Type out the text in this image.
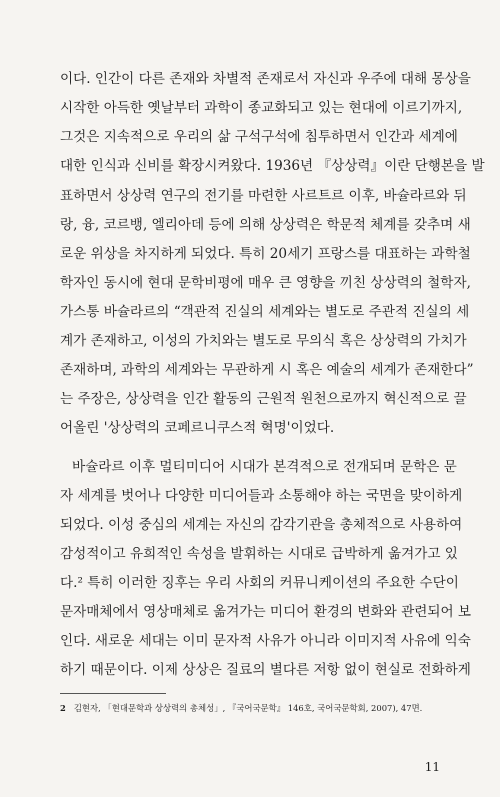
이다. 인간이 다른 존재와 차별적 존재로서 자신과 우주에 대해 몽상을
시작한 아득한 옛날부터 과학이 종교화되고 있는 현대에 이르기까지,
그것은 지속적으로 우리의 삶 구석구석에 침투하면서 인간과 세계에
대한 인식과 신비를 확장시켜왔다. 1936년 『상상력』이란 단행본을 발
표하면서 상상력 연구의 전기를 마련한 사르트르 이후, 바슐라르와 뒤
랑, 융, 코르뱅, 엘리아데 등에 의해 상상력은 학문적 체계를 갖추며 새
로운 위상을 차지하게 되었다. 특히 20세기 프랑스를 대표하는 과학철
학자인 동시에 현대 문학비평에 매우 큰 영향을 끼친 상상력의 철학자,
가스통 바슐라르의 “객관적 진실의 세계와는 별도로 주관적 진실의 세
계가 존재하고, 이성의 가치와는 별도로 무의식 혹은 상상력의 가치가
존재하며, 과학의 세계와는 무관하게 시 혹은 예술의 세계가 존재한다”
는 주장은, 상상력을 인간 활동의 근원적 원천으로까지 혁신적으로 끌
어올린 '상상력의 코페르니쿠스적 혁명'이었다.
바슐라르 이후 멀티미디어 시대가 본격적으로 전개되며 문학은 문
자 세계를 벗어나 다양한 미디어들과 소통해야 하는 국면을 맞이하게
되었다. 이성 중심의 세계는 자신의 감각기관을 총체적으로 사용하여
감성적이고 유희적인 속성을 발휘하는 시대로 급박하게 옮겨가고 있
다.² 특히 이러한 징후는 우리 사회의 커뮤니케이션의 주요한 수단이
문자매체에서 영상매체로 옮겨가는 미디어 환경의 변화와 관련되어 보
인다. 새로운 세대는 이미 문자적 사유가 아니라 이미지적 사유에 익숙
하기 때문이다. 이제 상상은 질료의 별다른 저항 없이 현실로 전화하게
2 김현자, 「현대문학과 상상력의 총체성」, 『국어국문학』 146호, 국어국문학회, 2007), 47면.
11
